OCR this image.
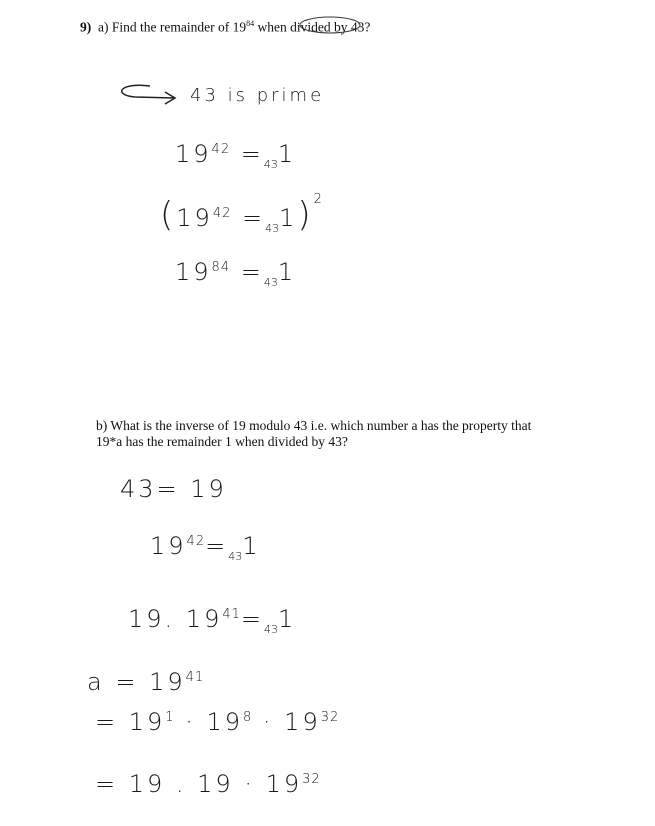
9) a) Find the remainder of $19^{84}$ when divided by 43?
43 is prime
$19^{42} =_{43}1$
$(19^{42} =_{43}1)^2$
$19^{84} =_{43}1$
b) What is the inverse of 19 modulo 43 i.e. which number a has the property that
19*a has the remainder 1 when divided by 43?
43= 19
$19^{42}=_{43}1$
19. $19^{41}=_{43}1$
$a = 19^{41}$
= $19^1 \cdot 19^8 \cdot 19^{32}$
= 19 . $19 \cdot 19^{32}$
